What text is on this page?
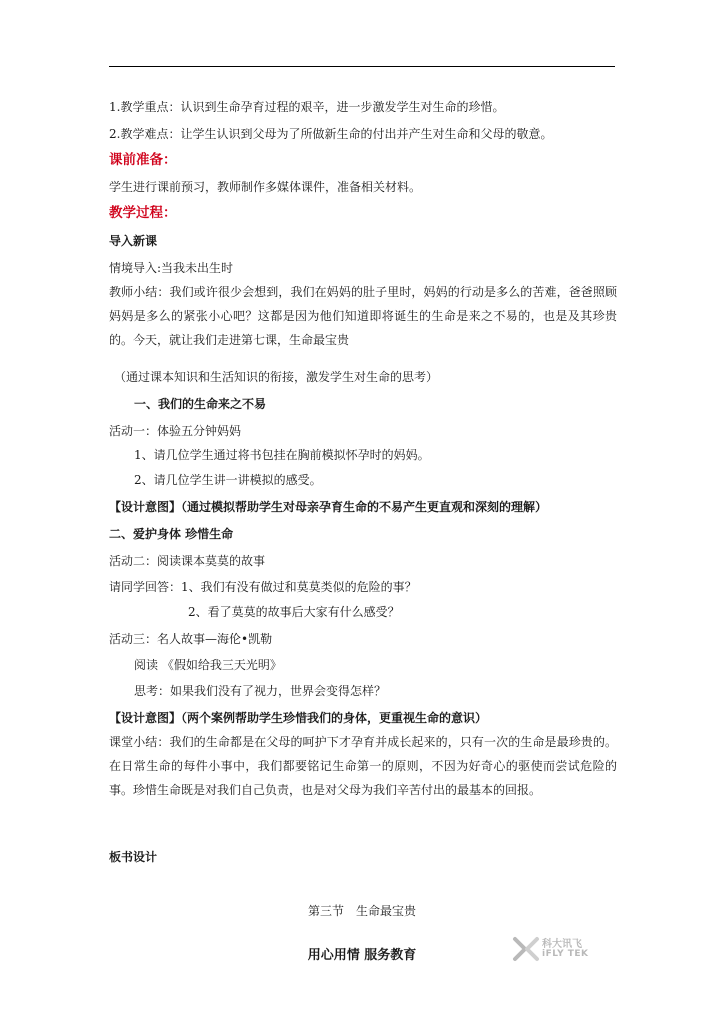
1.教学重点：认识到生命孕育过程的艰辛，进一步激发学生对生命的珍惜。
2.教学难点：让学生认识到父母为了所做新生命的付出并产生对生命和父母的敬意。
课前准备：
学生进行课前预习，教师制作多媒体课件，准备相关材料。
教学过程：
导入新课
情境导入:当我未出生时
教师小结：我们或许很少会想到，我们在妈妈的肚子里时，妈妈的行动是多么的苦难，爸爸照顾妈妈是多么的紧张小心吧？这都是因为他们知道即将诞生的生命是来之不易的，也是及其珍贵的。今天，就让我们走进第七课，生命最宝贵
（通过课本知识和生活知识的衔接，激发学生对生命的思考）
一、我们的生命来之不易
活动一：体验五分钟妈妈
1、请几位学生通过将书包挂在胸前模拟怀孕时的妈妈。
2、请几位学生讲一讲模拟的感受。
【设计意图】（通过模拟帮助学生对母亲孕育生命的不易产生更直观和深刻的理解）
二、爱护身体 珍惜生命
活动二：阅读课本莫莫的故事
请同学回答：1、我们有没有做过和莫莫类似的危险的事？
2、看了莫莫的故事后大家有什么感受？
活动三：名人故事—海伦•凯勒
阅读 《假如给我三天光明》
思考：如果我们没有了视力，世界会变得怎样？
【设计意图】（两个案例帮助学生珍惜我们的身体，更重视生命的意识）
课堂小结：我们的生命都是在父母的呵护下才孕育并成长起来的，只有一次的生命是最珍贵的。在日常生命的每件小事中，我们都要铭记生命第一的原则，不因为好奇心的驱使而尝试危险的事。珍惜生命既是对我们自己负责，也是对父母为我们辛苦付出的最基本的回报。
板书设计
第三节　生命最宝贵
用心用情 服务教育
科大讯飞
iFLY TEK
